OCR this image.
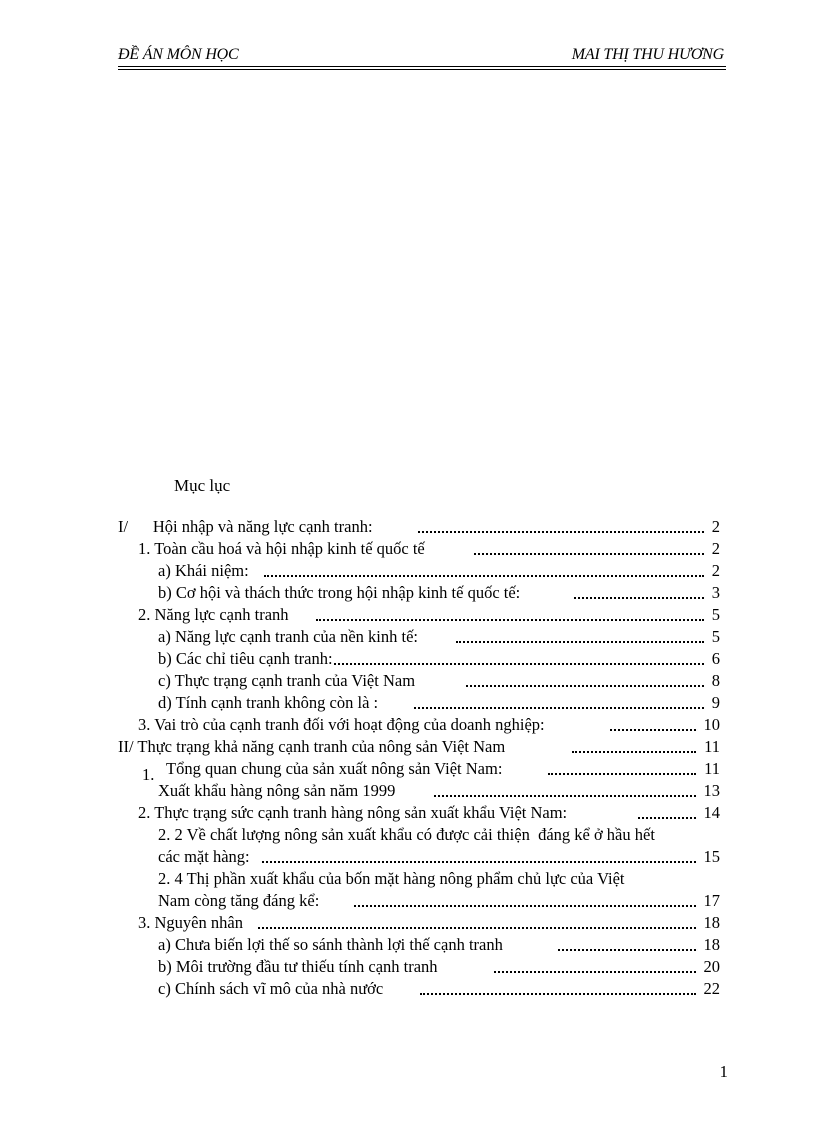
ĐỀ ÁN MÔN HỌC	MAI THỊ THU HƯƠNG
Mục lục
I/      Hội nhập và năng lực cạnh tranh:	2
1. Toàn cầu hoá và hội nhập kinh tế quốc tế	2
a) Khái niệm:	2
b) Cơ hội và thách thức trong hội nhập kinh tế quốc tế:	3
2. Năng lực cạnh tranh	5
a) Năng lực cạnh tranh của nền kinh tế:	5
b) Các chỉ tiêu cạnh tranh:	6
c) Thực trạng cạnh tranh của Việt Nam	8
d) Tính cạnh tranh không còn là :	9
3. Vai trò của cạnh tranh đối với hoạt động của doanh nghiệp:	10
II/ Thực trạng khả năng cạnh tranh của nông sản Việt Nam	11
1. Tổng quan chung của sản xuất nông sản Việt Nam:	11
Xuất khẩu hàng nông sản năm 1999	13
2. Thực trạng sức cạnh tranh hàng nông sản xuất khẩu Việt Nam:	14
2. 2 Về chất lượng nông sản xuất khẩu có được cải thiện  đáng kể ở hầu hết
các mặt hàng:	15
2. 4 Thị phần xuất khẩu của bốn mặt hàng nông phẩm chủ lực của Việt
Nam còng tăng đáng kể:	17
3. Nguyên nhân	18
a) Chưa biến lợi thế so sánh thành lợi thế cạnh tranh	18
b) Môi trường đầu tư thiếu tính cạnh tranh	20
c) Chính sách vĩ mô của nhà nước	22
1
